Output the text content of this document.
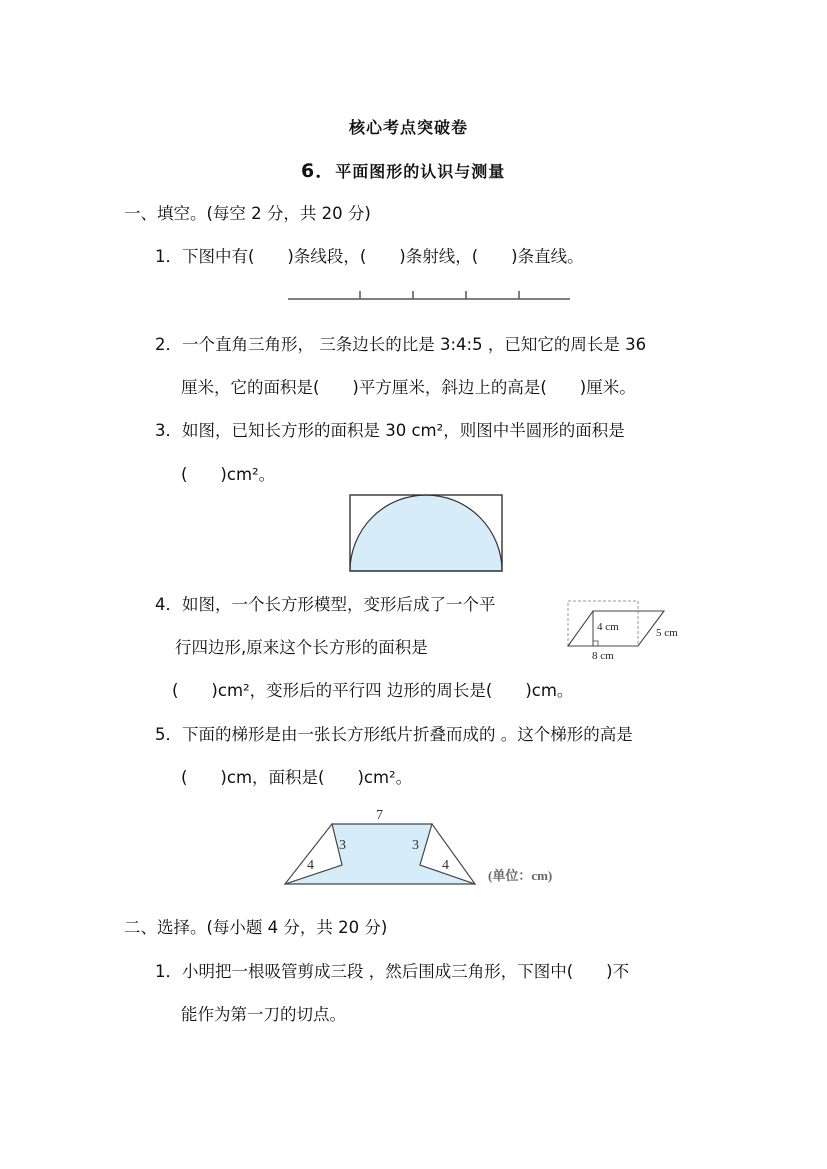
核心考点突破卷
6．平面图形的认识与测量
一、填空。(每空 2 分，共 20 分)
1．下图中有(　　)条线段，(　　)条射线，(　　)条直线。
2．一个直角三角形， 三条边长的比是 3:4:5 ，已知它的周长是 36
厘米，它的面积是(　　)平方厘米，斜边上的高是(　　)厘米。
3．如图，已知长方形的面积是 30 cm²，则图中半圆形的面积是
(　　)cm²。
4．如图，一个长方形模型，变形后成了一个平
行四边形,原来这个长方形的面积是
(　　)cm²，变形后的平行四 边形的周长是(　　)cm。
4 cm
8 cm
5 cm
5．下面的梯形是由一张长方形纸片折叠而成的 。这个梯形的高是
(　　)cm，面积是(　　)cm²。
7
3	3
4	4
(单位：cm)
二、选择。(每小题 4 分，共 20 分)
1．小明把一根吸管剪成三段 ，然后围成三角形，下图中(　　)不
能作为第一刀的切点。
